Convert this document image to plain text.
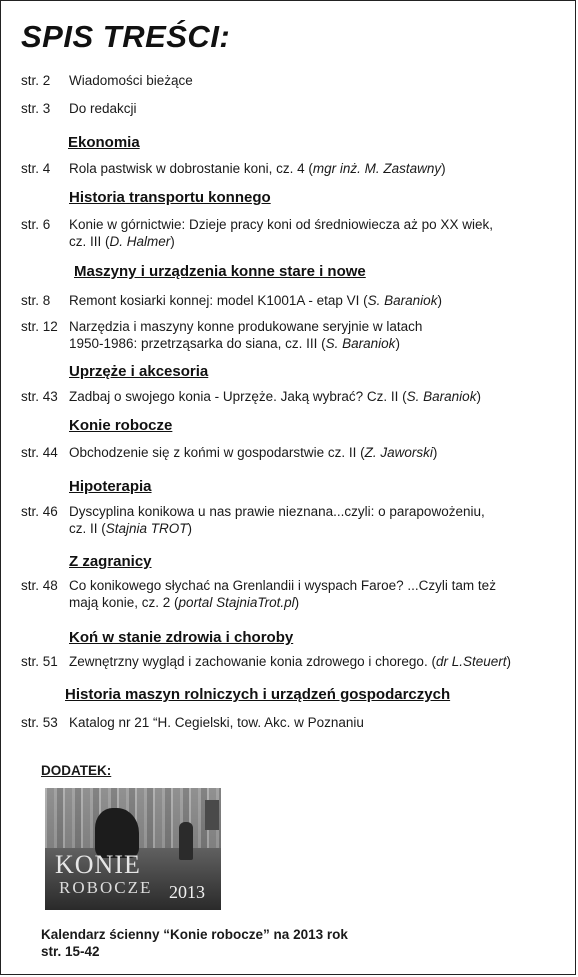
SPIS TREŚCI:
str. 2	Wiadomości bieżące
str. 3	Do redakcji
Ekonomia
str. 4	Rola pastwisk w dobrostanie koni, cz. 4 (mgr inż. M. Zastawny)
Historia transportu konnego
str. 6	Konie w górnictwie: Dzieje pracy koni od średniowiecza aż po XX wiek,
cz. III (D. Halmer)
Maszyny i urządzenia konne stare i nowe
str. 8	Remont kosiarki konnej: model K1001A - etap VI (S. Baraniok)
str. 12 Narzędzia i maszyny konne produkowane seryjnie w latach
1950-1986: przetrząsarka do siana, cz. III (S. Baraniok)
Uprzęże i akcesoria
str. 43 Zadbaj o swojego konia - Uprzęże. Jaką wybrać? Cz. II (S. Baraniok)
Konie robocze
str. 44 Obchodzenie się z końmi w gospodarstwie cz. II (Z. Jaworski)
Hipoterapia
str. 46 Dyscyplina konikowa u nas prawie nieznana...czyli: o parapowożeniu,
cz. II (Stajnia TROT)
Z zagranicy
str. 48 Co konikowego słychać na Grenlandii i wyspach Faroe? ...Czyli tam też
mają konie, cz. 2 (portal StajniaTrot.pl)
Koń w stanie zdrowia i choroby
str. 51 Zewnętrzny wygląd i zachowanie konia zdrowego i chorego. (dr L.Steuert)
Historia maszyn rolniczych i urządzeń gospodarczych
str. 53 Katalog nr 21 “H. Cegielski, tow. Akc. w Poznaniu
DODATEK:
KONIE
ROBOCZE 2013
Kalendarz ścienny “Konie robocze” na 2013 rok
str. 15-42
